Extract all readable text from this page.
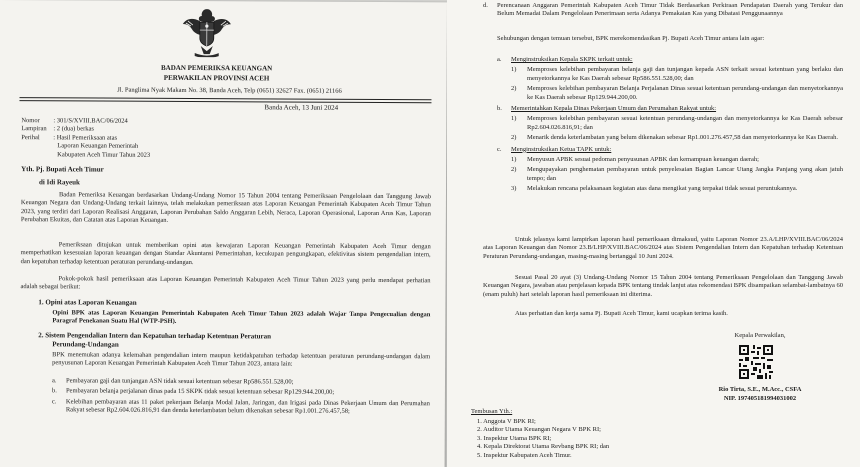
BADAN PEMERIKSA KEUANGAN
PERWAKILAN PROVINSI ACEH
Jl. Panglima Nyak Makam No. 38, Banda Aceh, Telp (0651) 32627 Fax. (0651) 21166
Banda Aceh, 13 Juni 2024
Nomor	: 301/S/XVIII.BAC/06/2024
Lampiran	: 2 (dua) berkas
Perihal	: Hasil Pemeriksaan atas
Laporan Keuangan Pemerintah
Kabupaten Aceh Timur Tahun 2023
Yth. Pj. Bupati Aceh Timur
di Idi Rayeuk
Badan Pemeriksa Keuangan berdasarkan Undang-Undang Nomor 15 Tahun 2004 tentang Pemeriksaan Pengelolaan dan Tanggung Jawab Keuangan Negara dan Undang-Undang terkait lainnya, telah melakukan pemeriksaan atas Laporan Keuangan Pemerintah Kabupaten Aceh Timur Tahun 2023, yang terdiri dari Laporan Realisasi Anggaran, Laporan Perubahan Saldo Anggaran Lebih, Neraca, Laporan Operasional, Laporan Arus Kas, Laporan Perubahan Ekuitas, dan Catatan atas Laporan Keuangan.
Pemeriksaan ditujukan untuk memberikan opini atas kewajaran Laporan Keuangan Pemerintah Kabupaten Aceh Timur dengan memperhatikan kesesuaian laporan keuangan dengan Standar Akuntansi Pemerintahan, kecukupan pengungkapan, efektivitas sistem pengendalian intern, dan kepatuhan terhadap ketentuan peraturan perundang-undangan.
Pokok-pokok hasil pemeriksaan atas Laporan Keuangan Pemerintah Kabupaten Aceh Timur Tahun 2023 yang perlu mendapat perhatian adalah sebagai berikut:
1. Opini atas Laporan Keuangan
Opini BPK atas Laporan Keuangan Pemerintah Kabupaten Aceh Timur Tahun 2023 adalah Wajar Tanpa Pengecualian dengan Paragraf Penekanan Suatu Hal (WTP-PSH).
2. Sistem Pengendalian Intern dan Kepatuhan terhadap Ketentuan Peraturan
Perundang-Undangan
BPK menemukan adanya kelemahan pengendalian intern maupun ketidakpatuhan terhadap ketentuan peraturan perundang-undangan dalam penyusunan Laporan Keuangan Pemerintah Kabupaten Aceh Timur Tahun 2023, antara lain:
a.	Pembayaran gaji dan tunjangan ASN tidak sesuai ketentuan sebesar Rp586.551.528,00;
b.	Pembayaran belanja perjalanan dinas pada 15 SKPK tidak sesuai ketentuan sebesar Rp129.944.200,00;
c.	Kelebihan pembayaran atas 11 paket pekerjaan Belanja Modal Jalan, Jaringan, dan Irigasi pada Dinas Pekerjaan Umum dan Perumahan Rakyat sebesar Rp2.604.026.816,91 dan denda keterlambatan belum dikenakan sebesar Rp1.001.276.457,58;
d.	Perencanaan Anggaran Pemerintah Kabupaten Aceh Timur Tidak Berdasarkan Perkiraan Pendapatan Daerah yang Terukur dan Belum Memadai Dalam Pengelolaan Penerimaan serta Adanya Pemakaian Kas yang Dibatasi Penggunaannya
Sehubungan dengan temuan tersebut, BPK merekomendasikan Pj. Bupati Aceh Timur antara lain agar:
a.	Menginstruksikan Kepala SKPK terkait untuk:
1)	Memproses kelebihan pembayaran belanja gaji dan tunjangan kepada ASN terkait sesuai ketentuan yang berlaku dan menyetorkannya ke Kas Daerah sebesar Rp586.551.528,00; dan
2)	Memproses kelebihan pembayaran Belanja Perjalanan Dinas sesuai ketentuan perundang-undangan dan menyetorkannya ke Kas Daerah sebesar Rp129.944.200,00.
b.	Memerintahkan Kepala Dinas Pekerjaan Umum dan Perumahan Rakyat untuk:
1)	Memproses kelebihan pembayaran sesuai ketentuan perundang-undangan dan menyetorkannya ke Kas Daerah sebesar Rp2.604.026.816,91; dan
2)	Menarik denda keterlambatan yang belum dikenakan sebesar Rp1.001.276.457,58 dan menyetorkannya ke Kas Daerah.
c.	Menginstruksikan Ketua TAPK untuk:
1)	Menyusun APBK sesuai pedoman penyusunan APBK dan kemampuan keuangan daerah;
2)	Mengupayakan penghematan pembayaran untuk penyelesaian Bagian Lancar Utang Jangka Panjang yang akan jatuh tempo; dan
3)	Melakukan rencana pelaksanaan kegiatan atas dana mengikat yang terpakai tidak sesuai peruntukannya.
Untuk jelasnya kami lampirkan laporan hasil pemeriksaan dimaksud, yaitu Laporan Nomor 23.A/LHP/XVIII.BAC/06/2024 atas Laporan Keuangan dan Nomor 23.B/LHP/XVIII.BAC/06/2024 atas Sistem Pengendalian Intern dan Kepatuhan terhadap Ketentuan Peraturan Perundang-undangan, masing-masing bertanggal 10 Juni 2024.
Sesuai Pasal 20 ayat (3) Undang-Undang Nomor 15 Tahun 2004 tentang Pemeriksaan Pengelolaan dan Tanggung Jawab Keuangan Negara, jawaban atau penjelasan kepada BPK tentang tindak lanjut atas rekomendasi BPK disampaikan selambat-lambatnya 60 (enam puluh) hari setelah laporan hasil pemeriksaan ini diterima.
Atas perhatian dan kerja sama Pj. Bupati Aceh Timur, kami ucapkan terima kasih.
Kepala Perwakilan,
Rio Tirta, S.E., M.Acc., CSFA
NIP. 197405181994031002
Tembusan Yth.:
1. Anggota V BPK RI;
2. Auditor Utama Keuangan Negara V BPK RI;
3. Inspektur Utama BPK RI;
4. Kepala Direktorat Utama Revbang BPK RI; dan
5. Inspektur Kabupaten Aceh Timur.
